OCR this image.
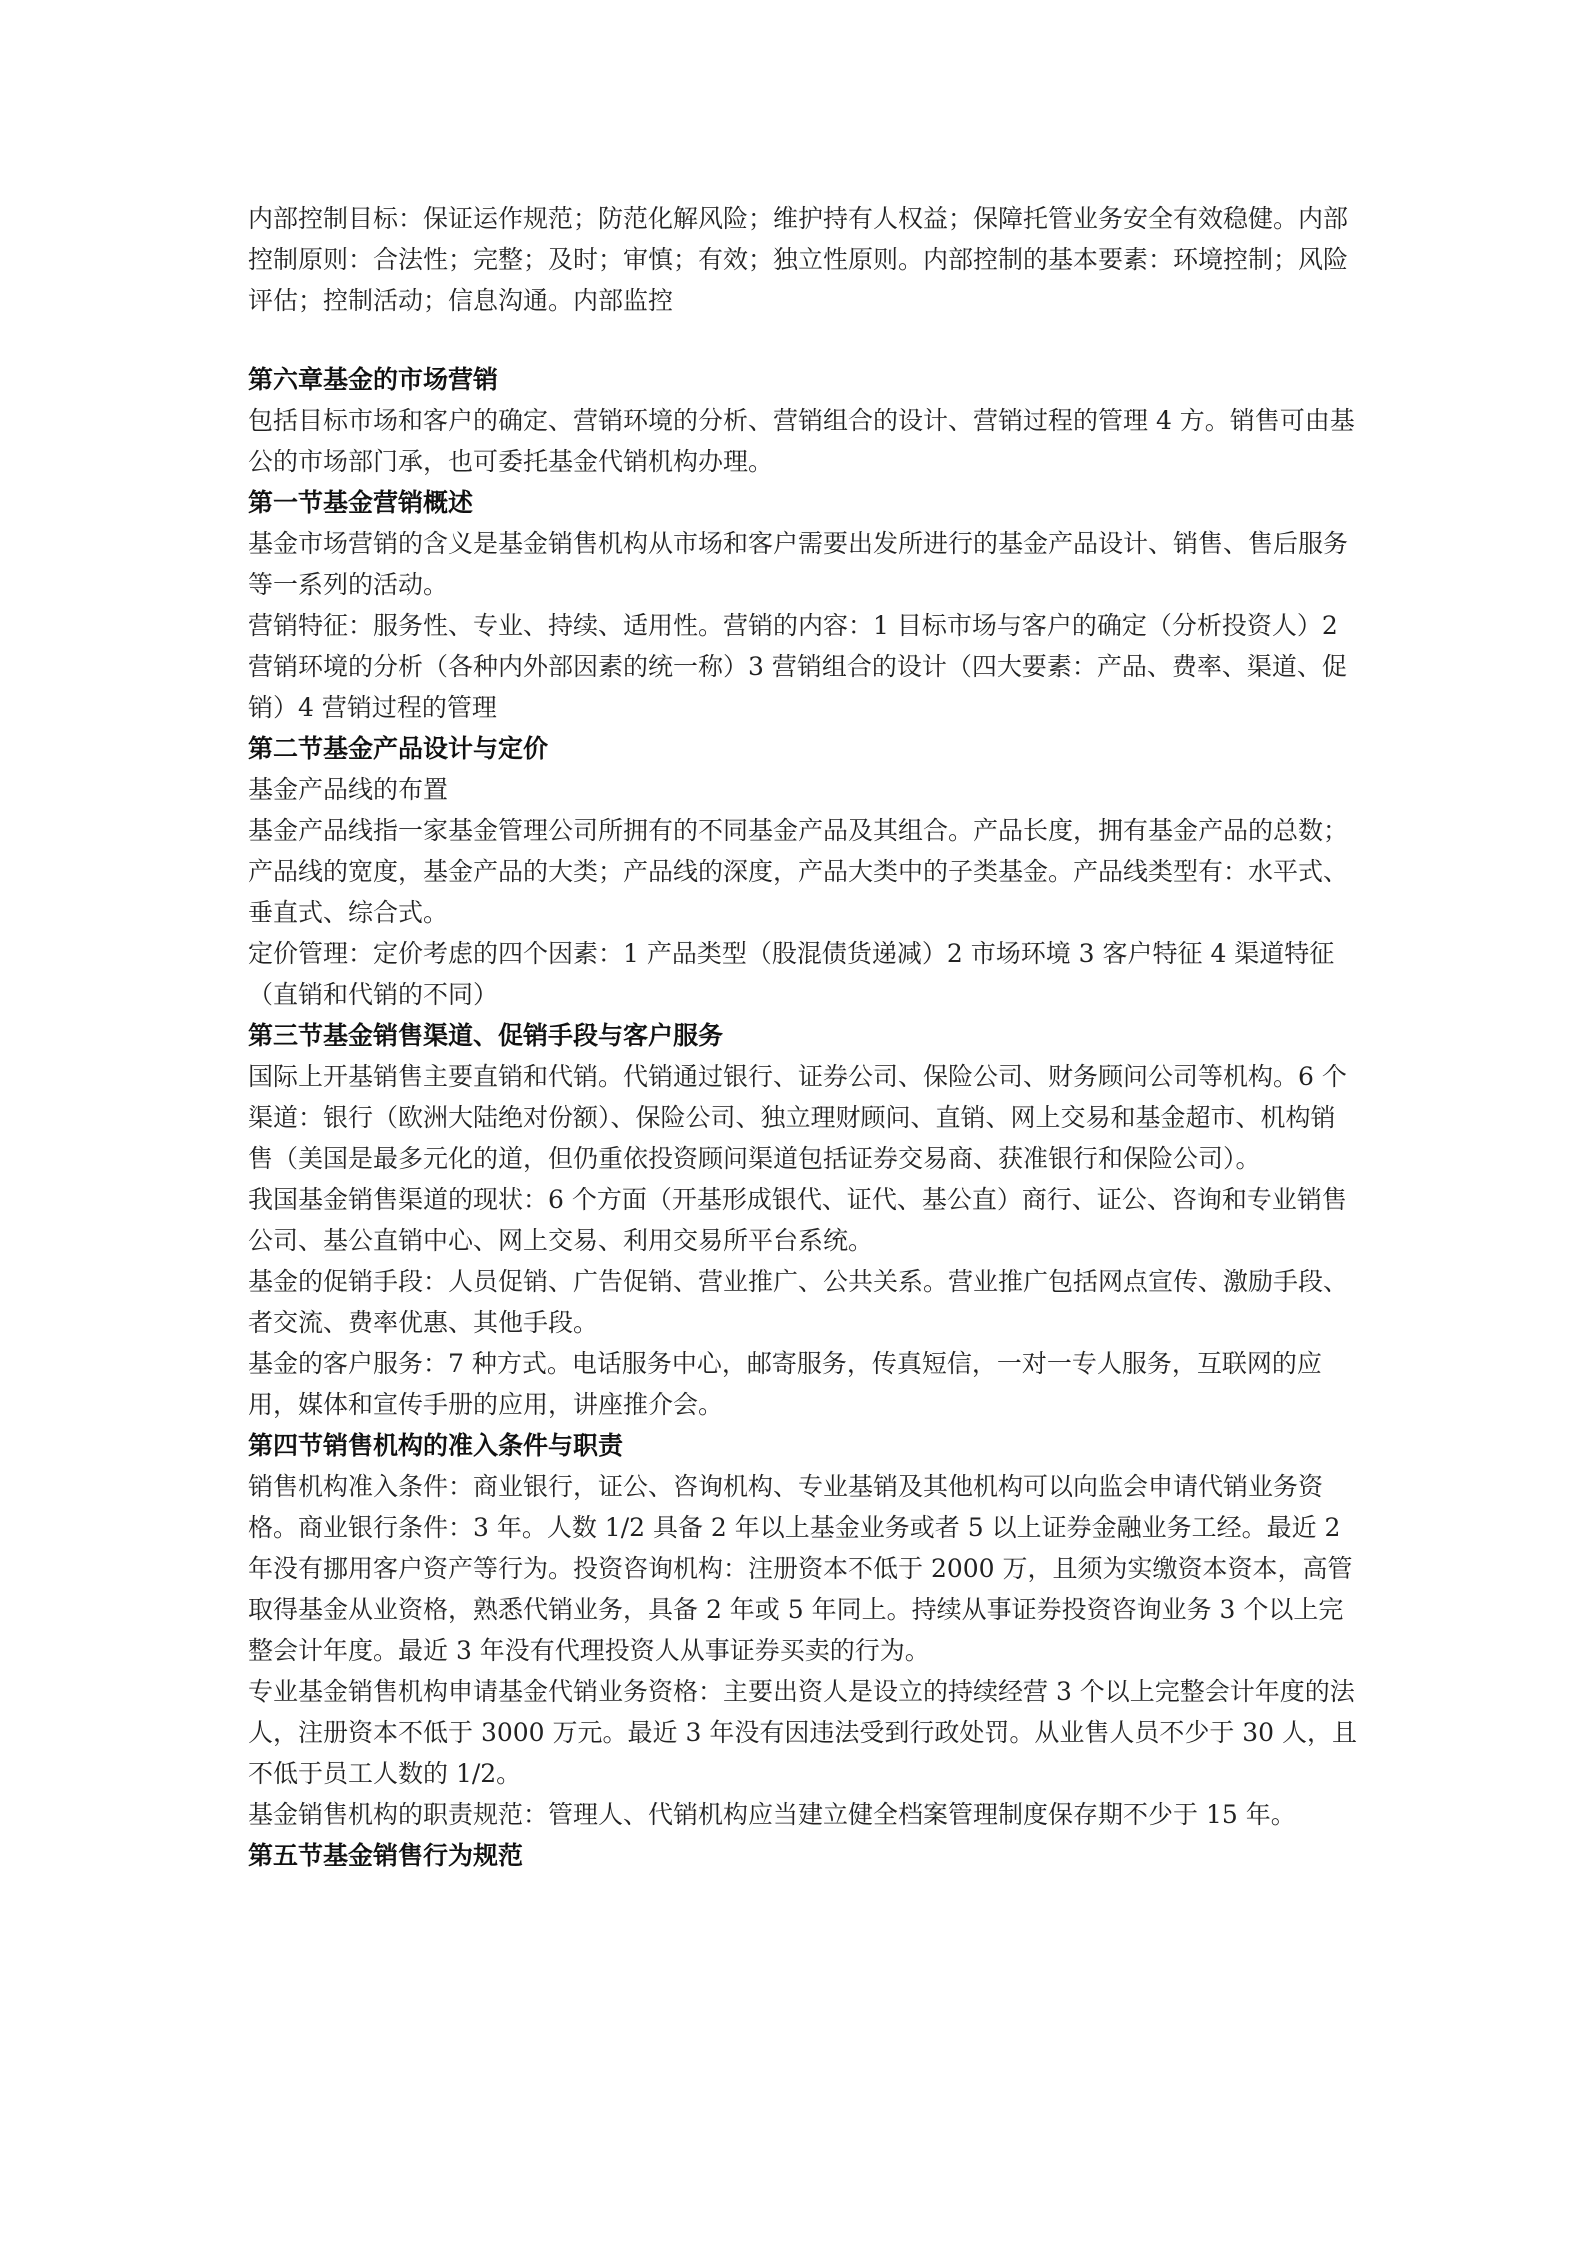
内部控制目标：保证运作规范；防范化解风险；维护持有人权益；保障托管业务安全有效稳健。内部控制原则：合法性；完整；及时；审慎；有效；独立性原则。内部控制的基本要素：环境控制；风险评估；控制活动；信息沟通。内部监控

第六章基金的市场营销

包括目标市场和客户的确定、营销环境的分析、营销组合的设计、营销过程的管理 4 方。销售可由基公的市场部门承，也可委托基金代销机构办理。

第一节基金营销概述

基金市场营销的含义是基金销售机构从市场和客户需要出发所进行的基金产品设计、销售、售后服务等一系列的活动。

营销特征：服务性、专业、持续、适用性。营销的内容：1 目标市场与客户的确定（分析投资人）2 营销环境的分析（各种内外部因素的统一称）3 营销组合的设计（四大要素：产品、费率、渠道、促销）4 营销过程的管理

第二节基金产品设计与定价

基金产品线的布置

基金产品线指一家基金管理公司所拥有的不同基金产品及其组合。产品长度，拥有基金产品的总数；产品线的宽度，基金产品的大类；产品线的深度，产品大类中的子类基金。产品线类型有：水平式、垂直式、综合式。

定价管理：定价考虑的四个因素：1 产品类型（股混债货递减）2 市场环境 3 客户特征 4 渠道特征（直销和代销的不同）

第三节基金销售渠道、促销手段与客户服务

国际上开基销售主要直销和代销。代销通过银行、证券公司、保险公司、财务顾问公司等机构。6 个渠道：银行（欧洲大陆绝对份额）、保险公司、独立理财顾问、直销、网上交易和基金超市、机构销售（美国是最多元化的道，但仍重依投资顾问渠道包括证券交易商、获准银行和保险公司）。

我国基金销售渠道的现状：6 个方面（开基形成银代、证代、基公直）商行、证公、咨询和专业销售公司、基公直销中心、网上交易、利用交易所平台系统。

基金的促销手段：人员促销、广告促销、营业推广、公共关系。营业推广包括网点宣传、激励手段、者交流、费率优惠、其他手段。

基金的客户服务：7 种方式。电话服务中心，邮寄服务，传真短信，一对一专人服务，互联网的应用，媒体和宣传手册的应用，讲座推介会。

第四节销售机构的准入条件与职责

销售机构准入条件：商业银行，证公、咨询机构、专业基销及其他机构可以向监会申请代销业务资格。商业银行条件：3 年。人数 1/2 具备 2 年以上基金业务或者 5 以上证券金融业务工经。最近 2 年没有挪用客户资产等行为。投资咨询机构：注册资本不低于 2000 万，且须为实缴资本资本，高管取得基金从业资格，熟悉代销业务，具备 2 年或 5 年同上。持续从事证券投资咨询业务 3 个以上完整会计年度。最近 3 年没有代理投资人从事证券买卖的行为。

专业基金销售机构申请基金代销业务资格：主要出资人是设立的持续经营 3 个以上完整会计年度的法人，注册资本不低于 3000 万元。最近 3 年没有因违法受到行政处罚。从业售人员不少于 30 人，且不低于员工人数的 1/2。

基金销售机构的职责规范：管理人、代销机构应当建立健全档案管理制度保存期不少于 15 年。

第五节基金销售行为规范
